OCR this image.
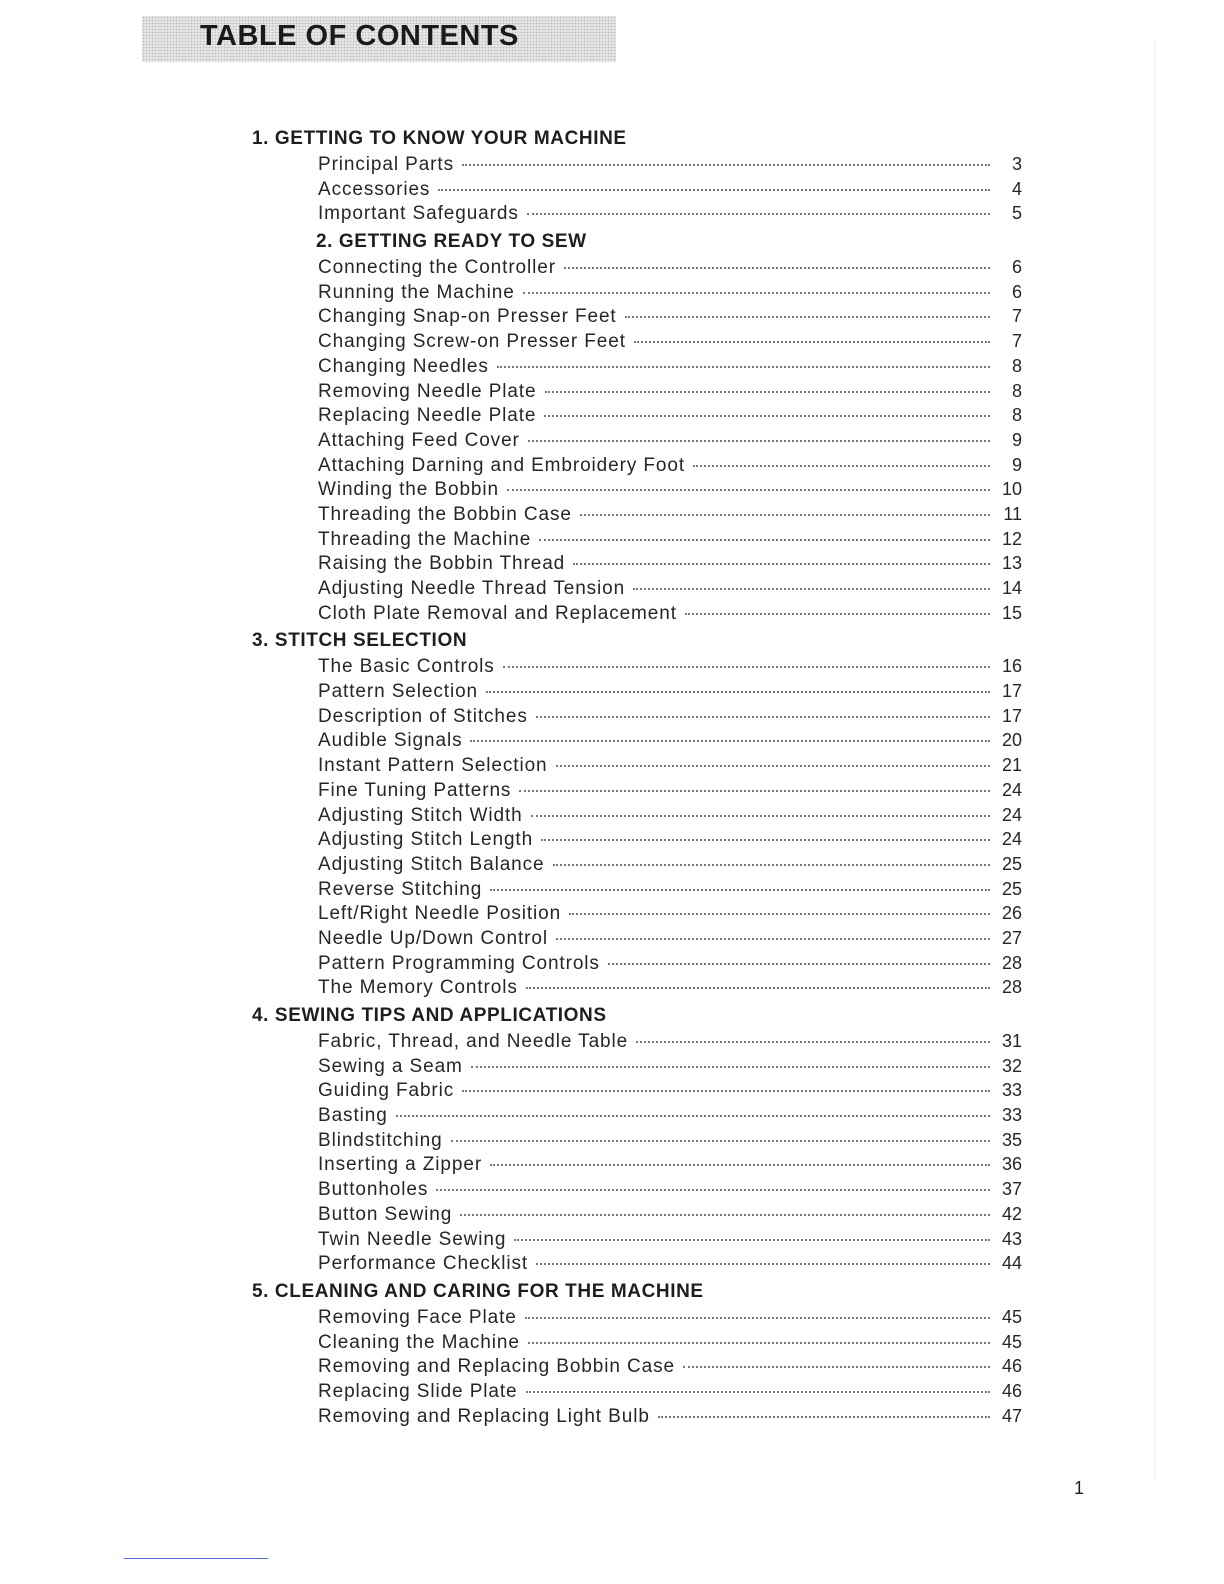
TABLE OF CONTENTS
1. GETTING TO KNOW YOUR MACHINE
Principal Parts	3
Accessories	4
Important Safeguards	5
2. GETTING READY TO SEW
Connecting the Controller	6
Running the Machine	6
Changing Snap-on Presser Feet	7
Changing Screw-on Presser Feet	7
Changing Needles	8
Removing Needle Plate	8
Replacing Needle Plate	8
Attaching Feed Cover	9
Attaching Darning and Embroidery Foot	9
Winding the Bobbin	10
Threading the Bobbin Case	11
Threading the Machine	12
Raising the Bobbin Thread	13
Adjusting Needle Thread Tension	14
Cloth Plate Removal and Replacement	15
3. STITCH SELECTION
The Basic Controls	16
Pattern Selection	17
Description of Stitches	17
Audible Signals	20
Instant Pattern Selection	21
Fine Tuning Patterns	24
Adjusting Stitch Width	24
Adjusting Stitch Length	24
Adjusting Stitch Balance	25
Reverse Stitching	25
Left/Right Needle Position	26
Needle Up/Down Control	27
Pattern Programming Controls	28
The Memory Controls	28
4. SEWING TIPS AND APPLICATIONS
Fabric, Thread, and Needle Table	31
Sewing a Seam	32
Guiding Fabric	33
Basting	33
Blindstitching	35
Inserting a Zipper	36
Buttonholes	37
Button Sewing	42
Twin Needle Sewing	43
Performance Checklist	44
5. CLEANING AND CARING FOR THE MACHINE
Removing Face Plate	45
Cleaning the Machine	45
Removing and Replacing Bobbin Case	46
Replacing Slide Plate	46
Removing and Replacing Light Bulb	47
1
